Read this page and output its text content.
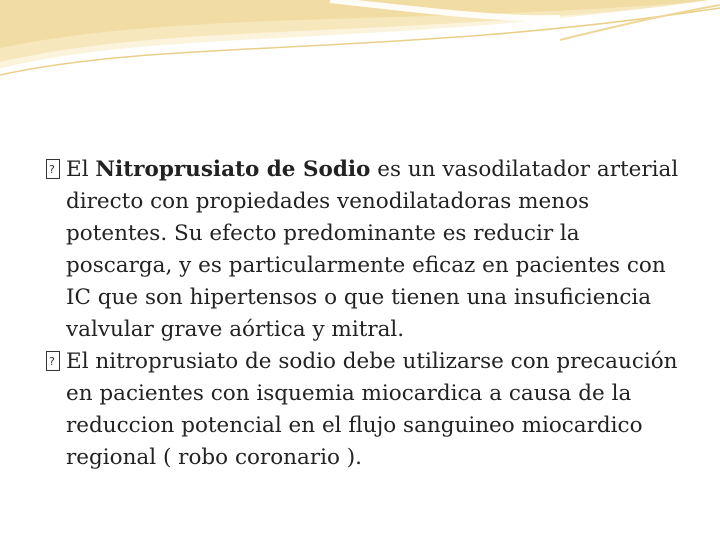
?
El Nitroprusiato de Sodio es un vasodilatador arterial directo con propiedades venodilatadoras menos potentes. Su efecto predominante es reducir la poscarga, y es particularmente eficaz en pacientes con IC que son hipertensos o que tienen una insuficiencia valvular grave aórtica y mitral.

?
El nitroprusiato de sodio debe utilizarse con precaución en pacientes con isquemia miocardica a causa de la reduccion potencial en el flujo sanguineo miocardico regional ( robo coronario ).
